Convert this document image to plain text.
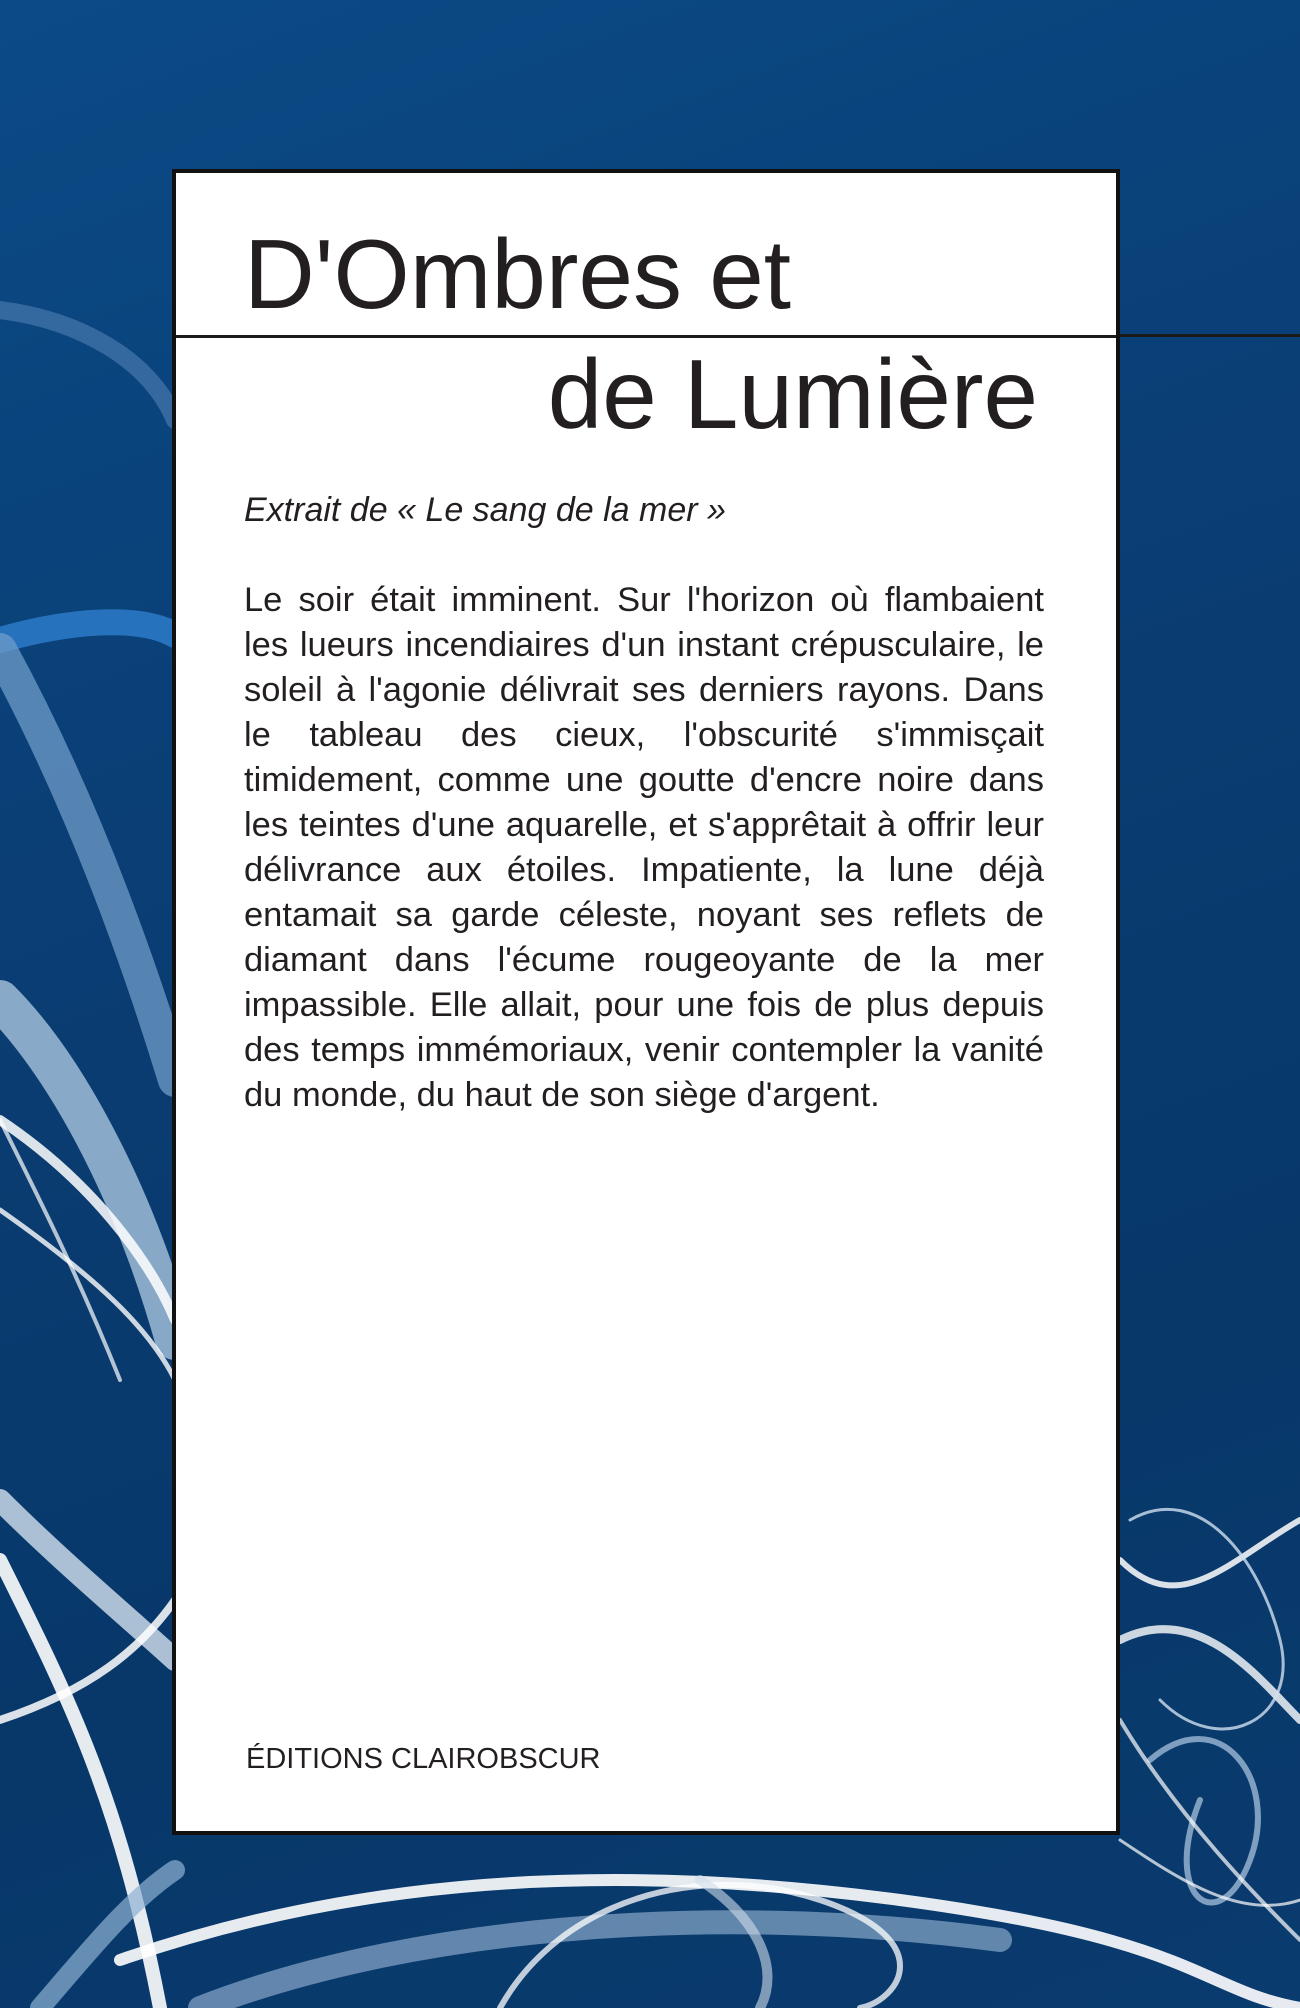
D'Ombres et
de Lumière
Extrait de « Le sang de la mer »
Le soir était imminent. Sur l'horizon où flambaient les lueurs incendiaires d'un instant crépusculaire, le soleil à l'agonie délivrait ses derniers rayons. Dans le tableau des cieux, l'obscurité s'immisçait timidement, comme une goutte d'encre noire dans les teintes d'une aquarelle, et s'apprêtait à offrir leur délivrance aux étoiles. Impatiente, la lune déjà entamait sa garde céleste, noyant ses reflets de diamant dans l'écume rougeoyante de la mer impassible. Elle allait, pour une fois de plus depuis des temps immémoriaux, venir contempler la vanité du monde, du haut de son siège d'argent.
ÉDITIONS CLAIROBSCUR
